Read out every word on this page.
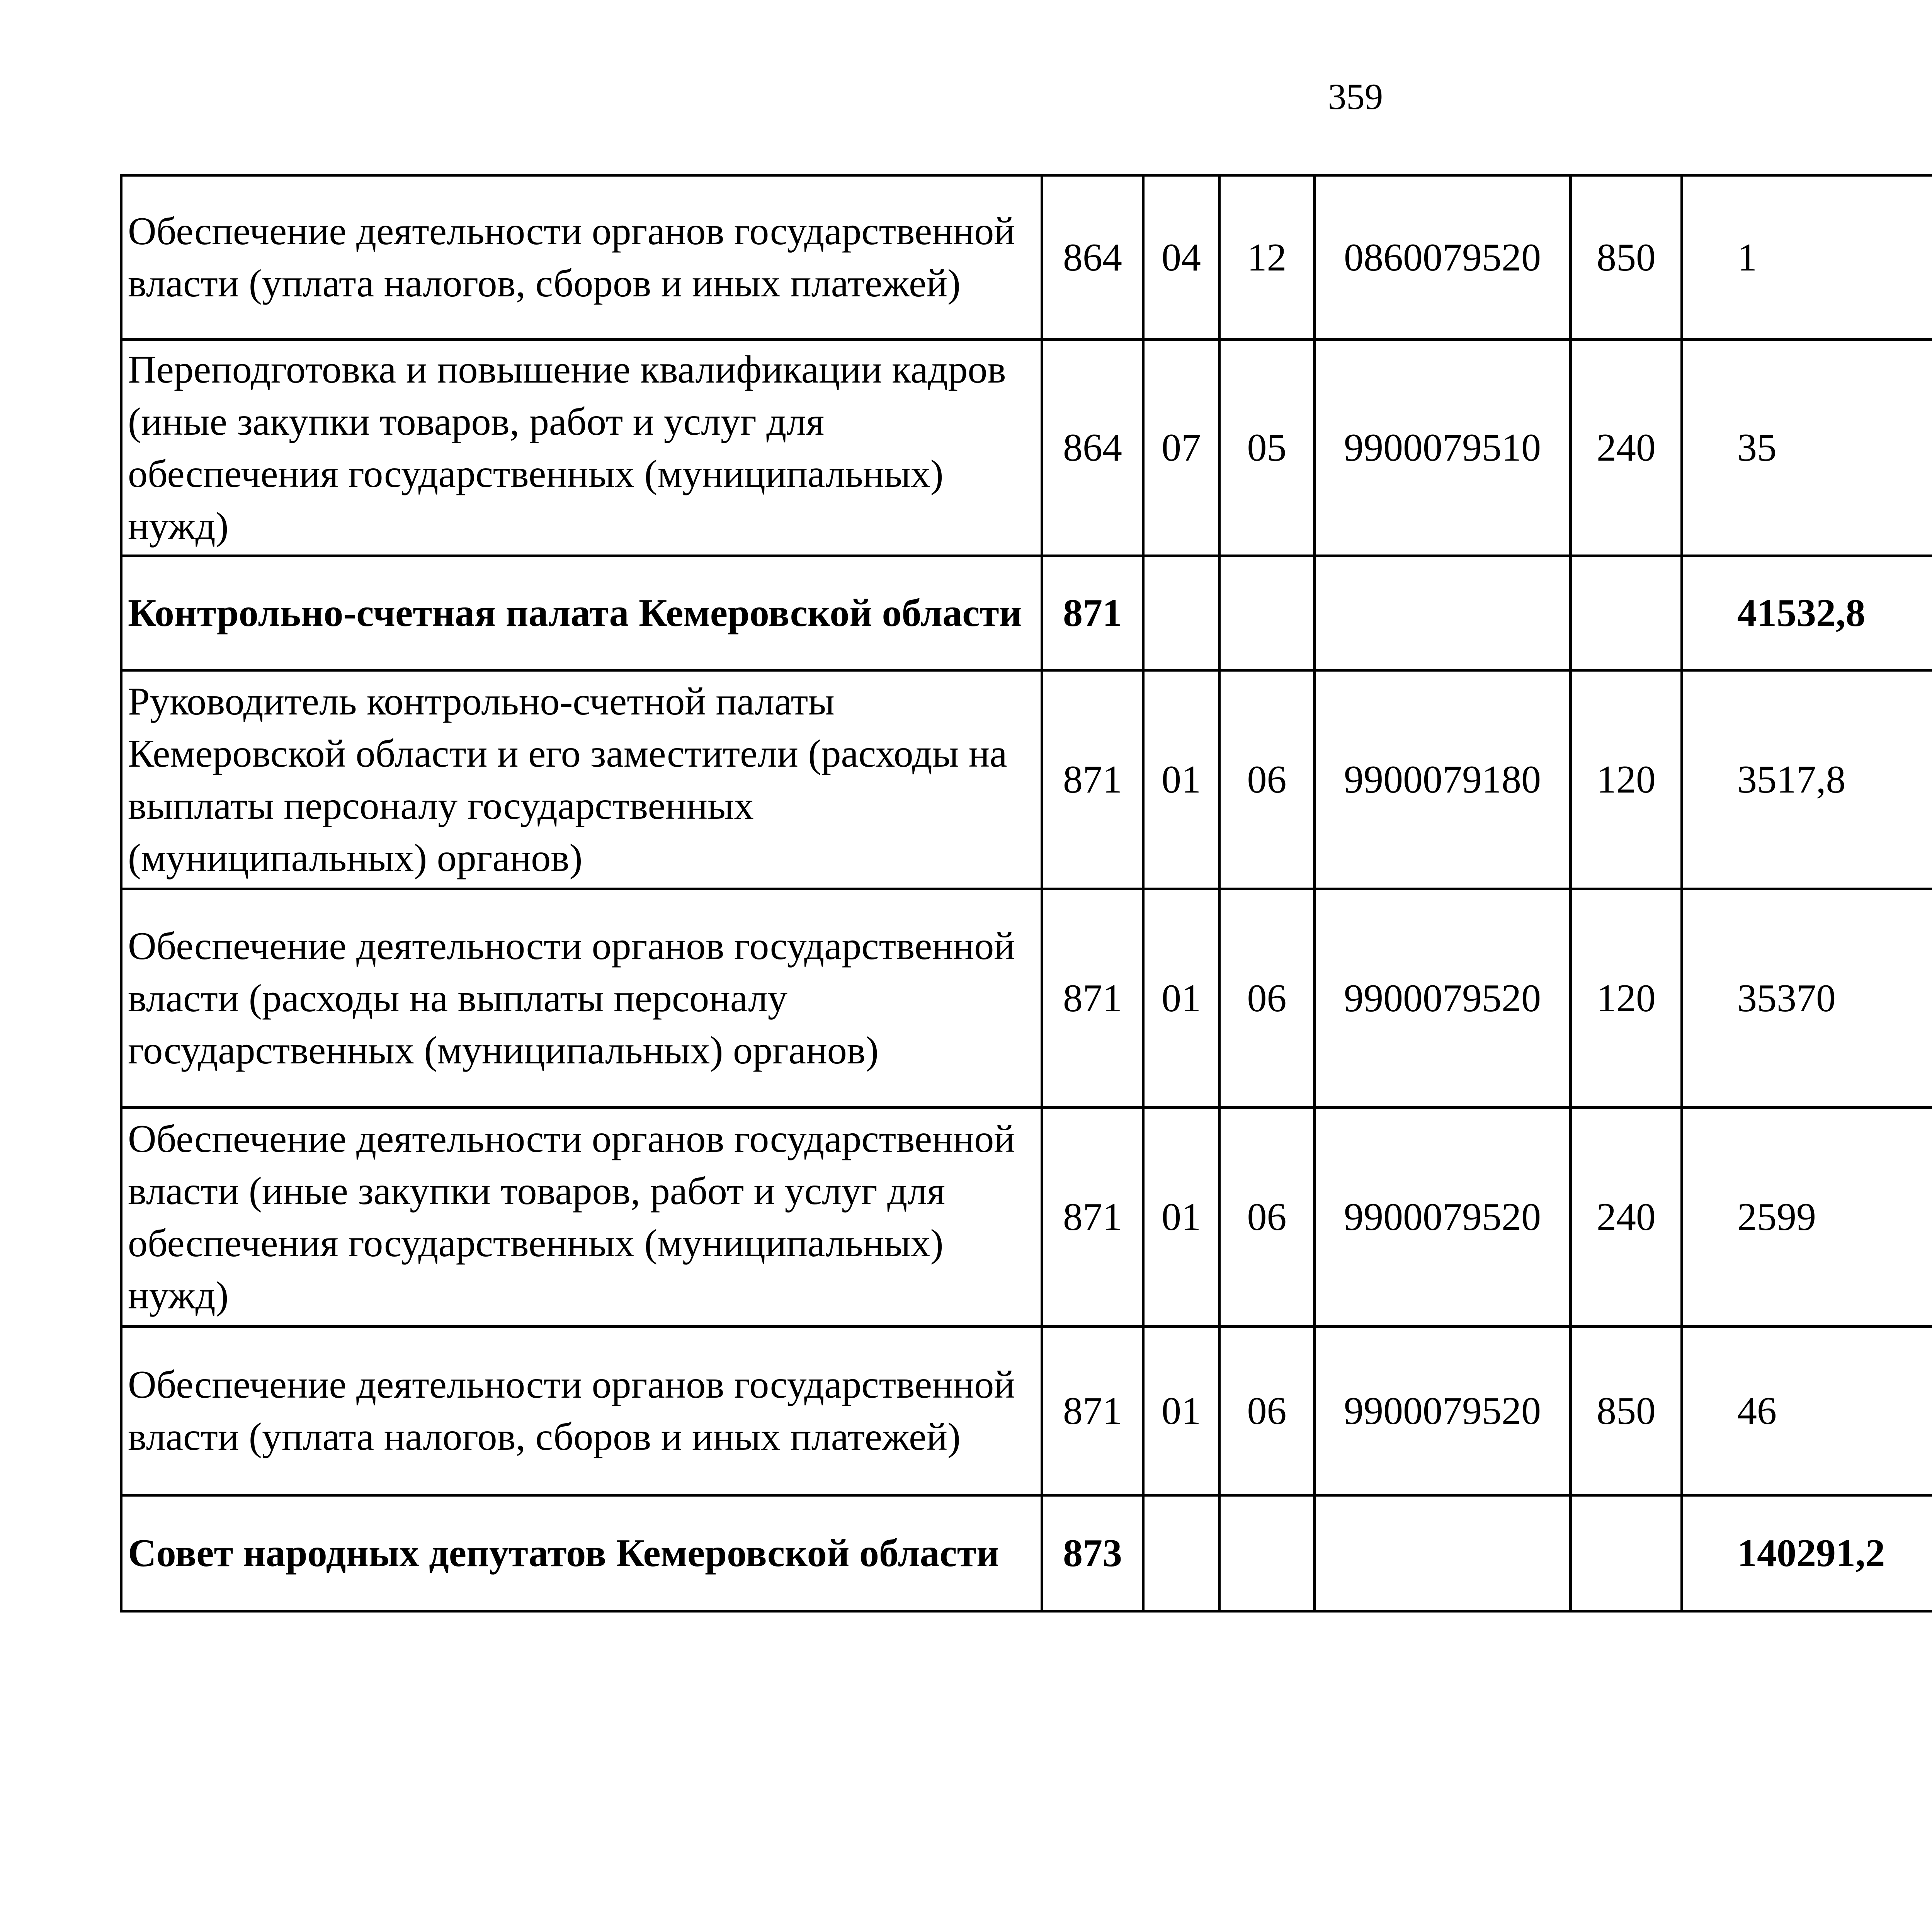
359
Обеспечение деятельности органов государственной власти (уплата налогов, сборов и иных платежей)	864	04	12	0860079520	850	1		
Переподготовка и повышение квалификации кадров (иные закупки товаров, работ и услуг для обеспечения государственных (муниципальных) нужд)	864	07	05	9900079510	240	35		
Контрольно-счетная палата Кемеровской области	871					41532,8		
Руководитель контрольно-счетной палаты Кемеровской области и его заместители (расходы на выплаты персоналу государственных (муниципальных) органов)	871	01	06	9900079180	120	3517,8		
Обеспечение деятельности органов государственной власти (расходы на выплаты персоналу государственных (муниципальных) органов)	871	01	06	9900079520	120	35370		
Обеспечение деятельности органов государственной власти (иные закупки товаров, работ и услуг для обеспечения государственных (муниципальных) нужд)	871	01	06	9900079520	240	2599		
Обеспечение деятельности органов государственной власти (уплата налогов, сборов и иных платежей)	871	01	06	9900079520	850	46		
Совет народных депутатов Кемеровской области	873					140291,2		
